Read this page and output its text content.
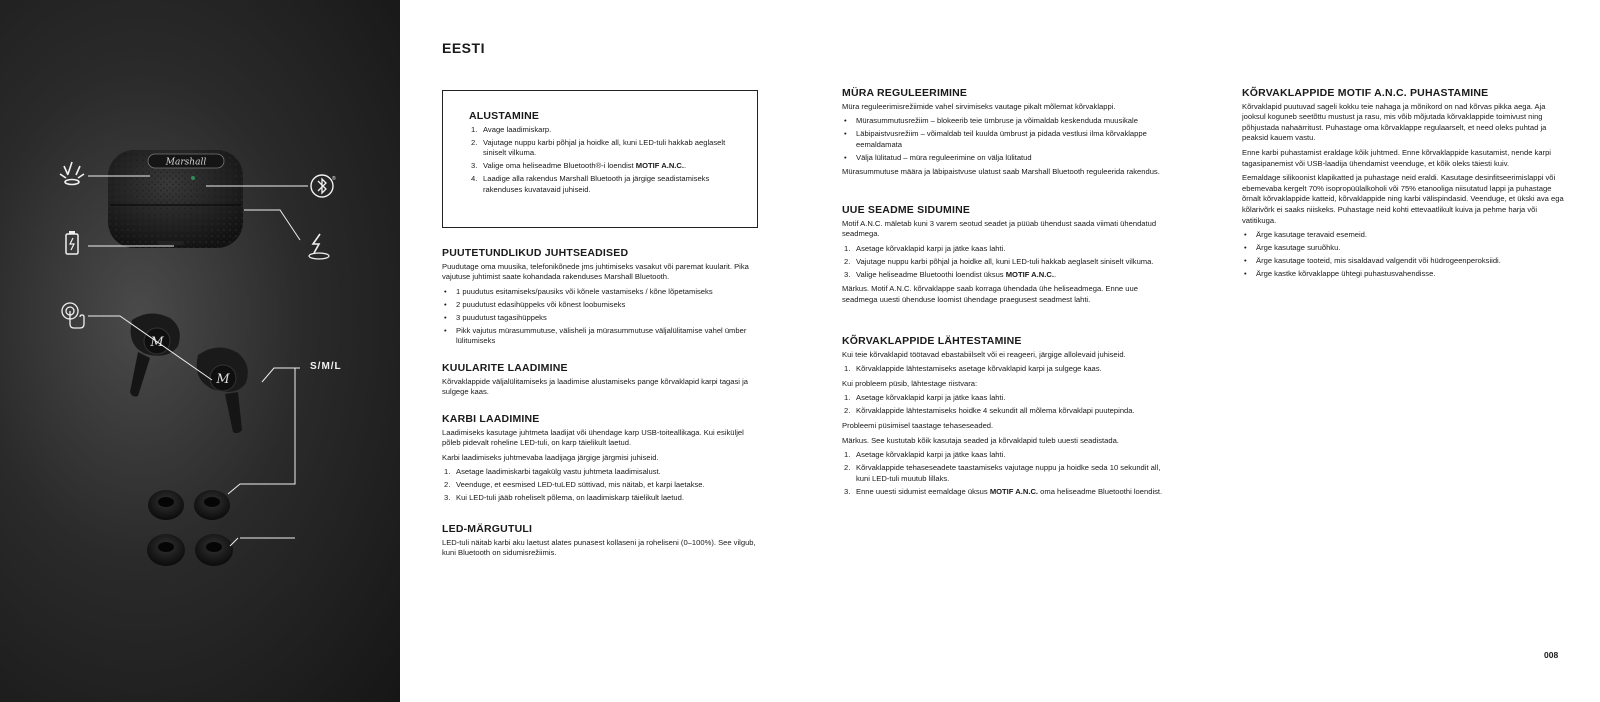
Marshall
M
M
®
S/M/L
EESTI
ALUSTAMINE
1. Avage laadimiskarp.
2. Vajutage nuppu karbi põhjal ja hoidke all, kuni LED-tuli hakkab aeglaselt siniselt vilkuma.
3. Valige oma heliseadme Bluetooth®-i loendist MOTIF A.N.C..
4. Laadige alla rakendus Marshall Bluetooth ja järgige seadistamiseks rakenduses kuvatavaid juhiseid.
PUUTETUNDLIKUD JUHTSEADISED

Puudutage oma muusika, telefonikõnede jms juhtimiseks vasakut või paremat kuularit. Pika vajutuse juhtimist saate kohandada rakenduses Marshall Bluetooth.

• 1 puudutus esitamiseks/pausiks või kõnele vastamiseks / kõne lõpetamiseks
• 2 puudutust edasihüppeks või kõnest loobumiseks
• 3 puudutust tagasihüppeks
• Pikk vajutus mürasummutuse, välisheli ja mürasummutuse väljalülitamise vahel ümber lülitumiseks
KUULARITE LAADIMINE

Kõrvaklappide väljalülitamiseks ja laadimise alustamiseks pange kõrvaklapid karpi tagasi ja sulgege kaas.

KARBI LAADIMINE

Laadimiseks kasutage juhtmeta laadijat või ühendage karp USB-toiteallikaga. Kui esiküljel põleb pidevalt roheline LED-tuli, on karp täielikult laetud.

Karbi laadimiseks juhtmevaba laadijaga järgige järgmisi juhiseid.

1. Asetage laadimiskarbi tagakülg vastu juhtmeta laadimisalust.
2. Veenduge, et eesmised LED-tuLED süttivad, mis näitab, et karpi laetakse.
3. Kui LED-tuli jääb roheliselt põlema, on laadimiskarp täielikult laetud.
LED-MÄRGUTULI

LED-tuli näitab karbi aku laetust alates punasest kollaseni ja roheliseni (0–100%). See vilgub, kuni Bluetooth on sidumisrežiimis.

MÜRA REGULEERIMINE

Müra reguleerimisrežiimide vahel sirvimiseks vautage pikalt mõlemat kõrvaklappi.

• Mürasummutusrežiim – blokeerib teie ümbruse ja võimaldab keskenduda muusikale
• Läbipaistvusrežiim – võimaldab teil kuulda ümbrust ja pidada vestlusi ilma kõrvaklappe eemaldamata
• Välja lülitatud – müra reguleerimine on välja lülitatud

Mürasummutuse määra ja läbipaistvuse ulatust saab Marshall Bluetooth reguleerida rakendus.

UUE SEADME SIDUMINE

Motif A.N.C. mäletab kuni 3 varem seotud seadet ja püüab ühendust saada viimati ühendatud seadmega.

1. Asetage kõrvaklapid karpi ja jätke kaas lahti.
2. Vajutage nuppu karbi põhjal ja hoidke all, kuni LED-tuli hakkab aeglaselt siniselt vilkuma.
3. Valige heliseadme Bluetoothi loendist üksus MOTIF A.N.C..

Märkus. Motif A.N.C. kõrvaklappe saab korraga ühendada ühe heliseadmega. Enne uue seadmega uuesti ühenduse loomist ühendage praegusest seadmest lahti.

KÕRVAKLAPPIDE LÄHTESTAMINE

Kui teie kõrvaklapid töötavad ebastabiilselt või ei reageeri, järgige allolevaid juhiseid.

1. Kõrvaklappide lähtestamiseks asetage kõrvaklapid karpi ja sulgege kaas.

Kui probleem püsib, lähtestage riistvara:

1. Asetage kõrvaklapid karpi ja jätke kaas lahti.
2. Kõrvaklappide lähtestamiseks hoidke 4 sekundit all mõlema kõrvaklapi puutepinda.

Probleemi püsimisel taastage tehaseseaded.

Märkus. See kustutab kõik kasutaja seaded ja kõrvaklapid tuleb uuesti seadistada.

1. Asetage kõrvaklapid karpi ja jätke kaas lahti.
2. Kõrvaklappide tehaseseadete taastamiseks vajutage nuppu ja hoidke seda 10 sekundit all, kuni LED-tuli muutub lillaks.
3. Enne uuesti sidumist eemaldage üksus MOTIF A.N.C. oma heliseadme Bluetoothi loendist.
KÕRVAKLAPPIDE MOTIF A.N.C. PUHASTAMINE

Kõrvaklapid puutuvad sageli kokku teie nahaga ja mõnikord on nad kõrvas pikka aega. Aja jooksul koguneb seetõttu mustust ja rasu, mis võib mõjutada kõrvaklappide toimivust ning põhjustada nahaärritust. Puhastage oma kõrvaklappe regulaarselt, et need oleks puhtad ja peaksid kauem vastu.

Enne karbi puhastamist eraldage kõik juhtmed. Enne kõrvaklappide kasutamist, nende karpi tagasipanemist või USB-laadija ühendamist veenduge, et kõik oleks täiesti kuiv.

Eemaldage silikoonist klapikatted ja puhastage neid eraldi. Kasutage desinfitseerimislappi või ebemevaba kergelt 70% isopropüülalkoholi või 75% etanooliga niisutatud lappi ja puhastage õrnalt kõrvaklappide katteid, kõrvaklappide ning karbi välispindasid. Veenduge, et ükski ava ega kõlarivõrk ei saaks niiskeks. Puhastage neid kohti ettevaatlikult kuiva ja pehme harja või vatitikuga.

• Ärge kasutage teravaid esemeid.
• Ärge kasutage suruõhku.
• Ärge kasutage tooteid, mis sisaldavad valgendit või hüdrogeenperoksiidi.
• Ärge kastke kõrvaklappe ühtegi puhastusvahendisse.
008
